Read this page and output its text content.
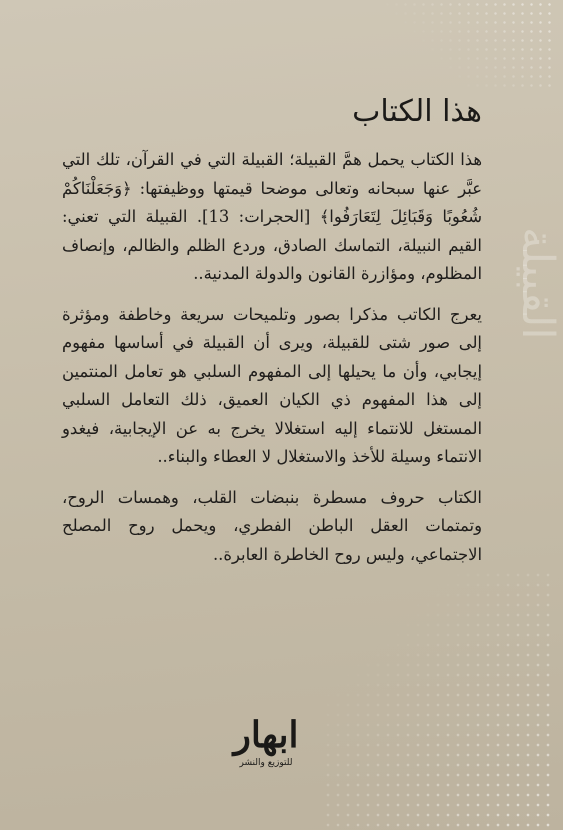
القبيلة
هذا الكتاب

هذا الكتاب يحمل همَّ القبيلة؛ القبيلة التي في القرآن، تلك التي عبَّر عنها سبحانه وتعالى موضحا قيمتها ووظيفتها: ﴿وَجَعَلْنَاكُمْ شُعُوبًا وَقَبَائِلَ لِتَعَارَفُوا﴾ [الحجرات: 13]. القبيلة التي تعني: القيم النبيلة، التماسك الصادق، وردع الظلم والظالم، وإنصاف المظلوم، ومؤازرة القانون والدولة المدنية..

يعرج الكاتب مذكرا بصور وتلميحات سريعة وخاطفة ومؤثرة إلى صور شتى للقبيلة، ويرى أن القبيلة في أساسها مفهوم إيجابي، وأن ما يحيلها إلى المفهوم السلبي هو تعامل المنتمين إلى هذا المفهوم ذي الكيان العميق، ذلك التعامل السلبي المستغل للانتماء إليه استغلالا يخرج به عن الإيجابية، فيغدو الانتماء وسيلة للأخذ والاستغلال لا العطاء والبناء..

الكتاب حروف مسطرة بنبضات القلب، وهمسات الروح، وتمتمات العقل الباطن الفطري، ويحمل روح المصلح الاجتماعي، وليس روح الخاطرة العابرة..

ابهار
للتوزيع والنشر
